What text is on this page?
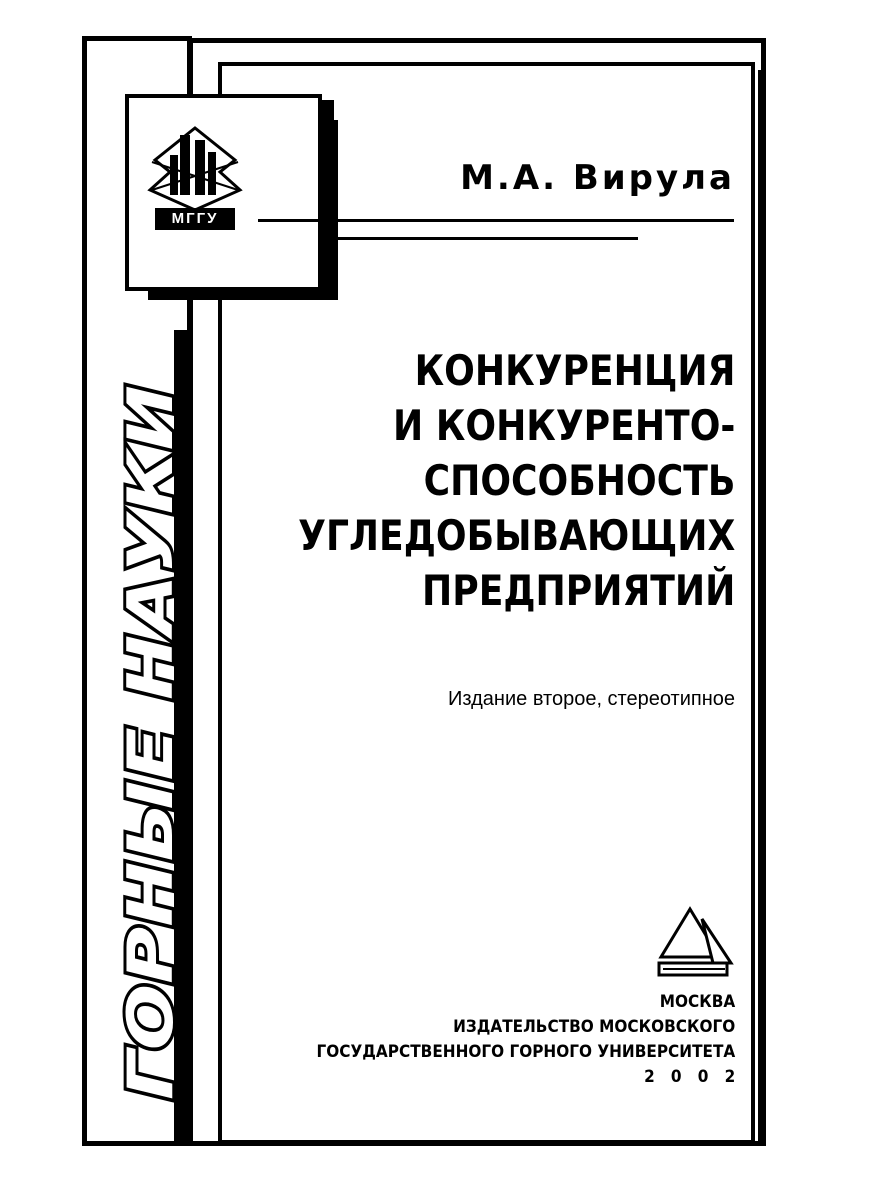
ГОРНЫЕ НАУКИ
МГГУ
М.А. Вирула
КОНКУРЕНЦИЯ
И КОНКУРЕНТО-
СПОСОБНОСТЬ
УГЛЕДОБЫВАЮЩИХ
ПРЕДПРИЯТИЙ
Издание второе, стереотипное
МОСКВА
ИЗДАТЕЛЬСТВО МОСКОВСКОГО
ГОСУДАРСТВЕННОГО ГОРНОГО УНИВЕРСИТЕТА
2002
